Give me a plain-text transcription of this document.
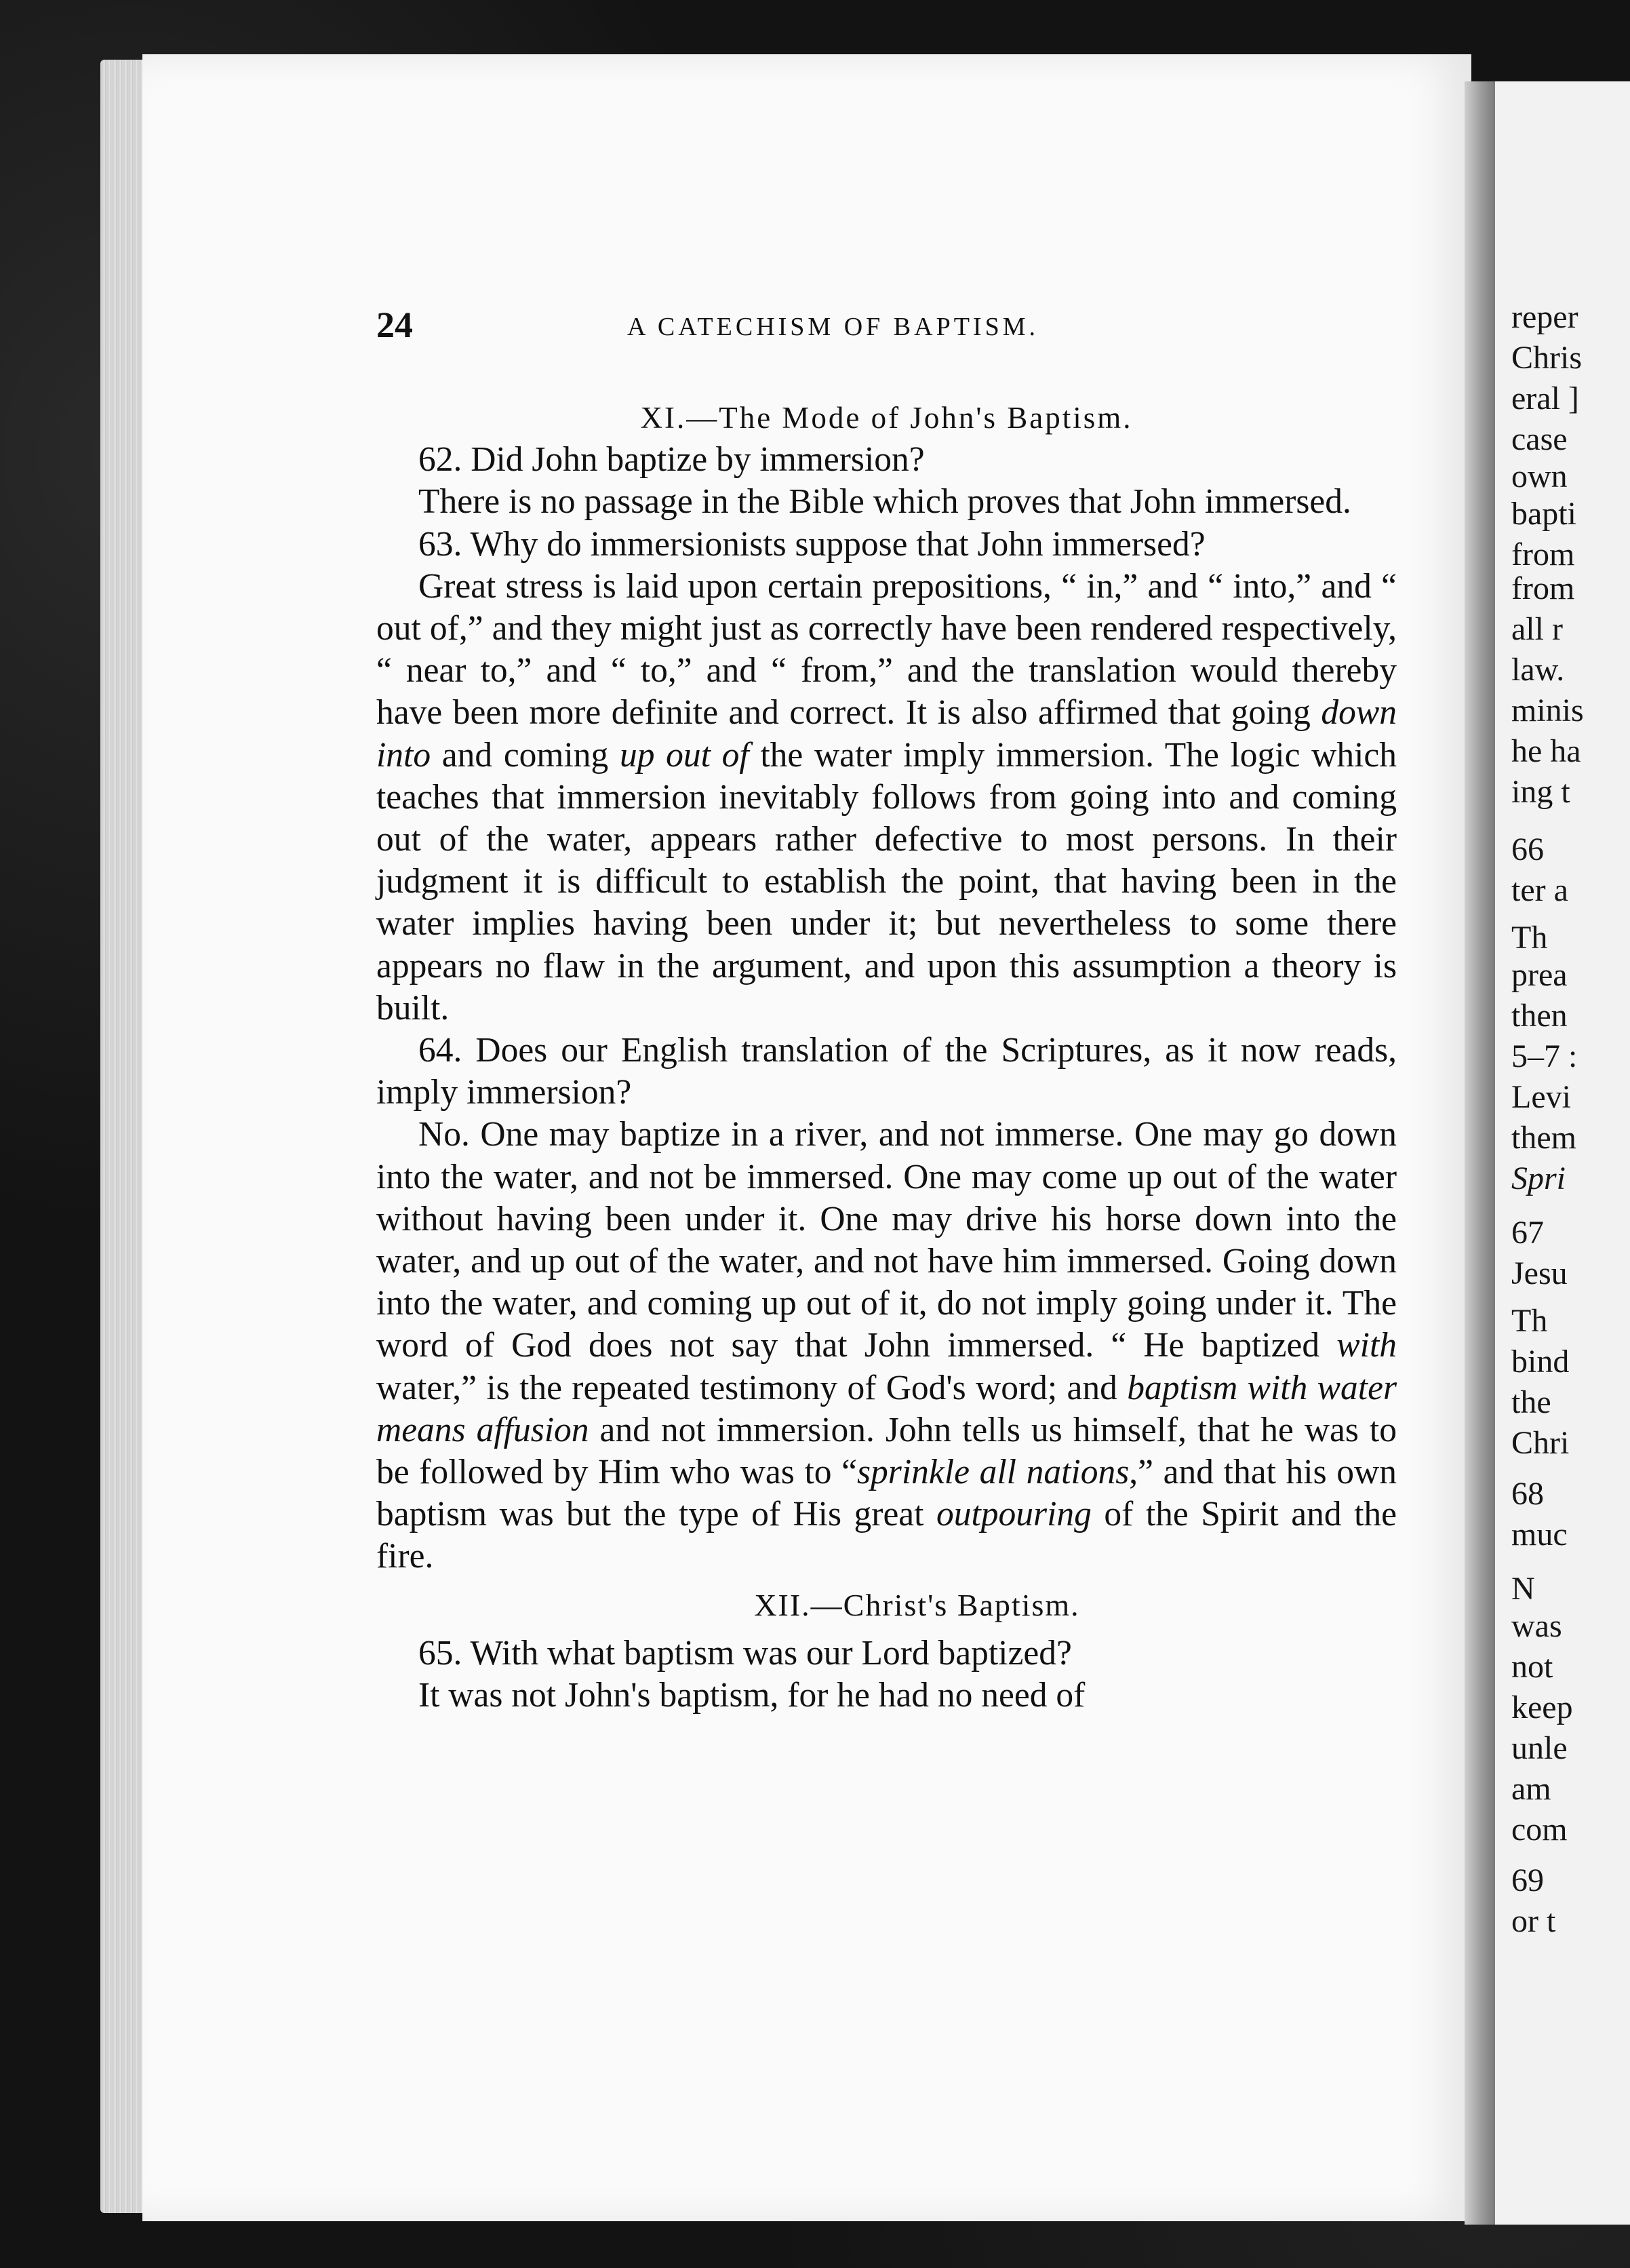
reper
Chris
eral ]
case
own
bapti
from
from
all r
law.
minis
he ha
ing t
66
ter a
Th
prea
then
5–7 :
Levi
them
Spri
67
Jesu
Th
bind
the
Chri
68
muc
N
was
not
keep
unle
am
com
69
or t
24	A CATECHISM OF BAPTISM.
XI.—The Mode of John's Baptism.

62. Did John baptize by immersion?

There is no passage in the Bible which proves that John immersed.

63. Why do immersionists suppose that John immersed?

Great stress is laid upon certain prepositions, “ in,” and “ into,” and “ out of,” and they might just as correctly have been rendered respectively, “ near to,” and “ to,” and “ from,” and the translation would thereby have been more definite and correct. It is also affirmed that going down into and coming up out of the water imply immersion. The logic which teaches that immersion inevitably follows from going into and coming out of the water, appears rather defective to most persons. In their judgment it is difficult to establish the point, that having been in the water implies having been under it; but nevertheless to some there appears no flaw in the argument, and upon this assumption a theory is built.

64. Does our English translation of the Scriptures, as it now reads, imply immersion?

No. One may baptize in a river, and not immerse. One may go down into the water, and not be immersed. One may come up out of the water without having been under it. One may drive his horse down into the water, and up out of the water, and not have him immersed. Going down into the water, and coming up out of it, do not imply going under it. The word of God does not say that John immersed. “ He baptized with water,” is the repeated testimony of God's word; and baptism with water means affusion and not immersion. John tells us himself, that he was to be followed by Him who was to “sprinkle all nations,” and that his own baptism was but the type of His great outpouring of the Spirit and the fire.

XII.—Christ's Baptism.

65. With what baptism was our Lord baptized?

It was not John's baptism, for he had no need of
